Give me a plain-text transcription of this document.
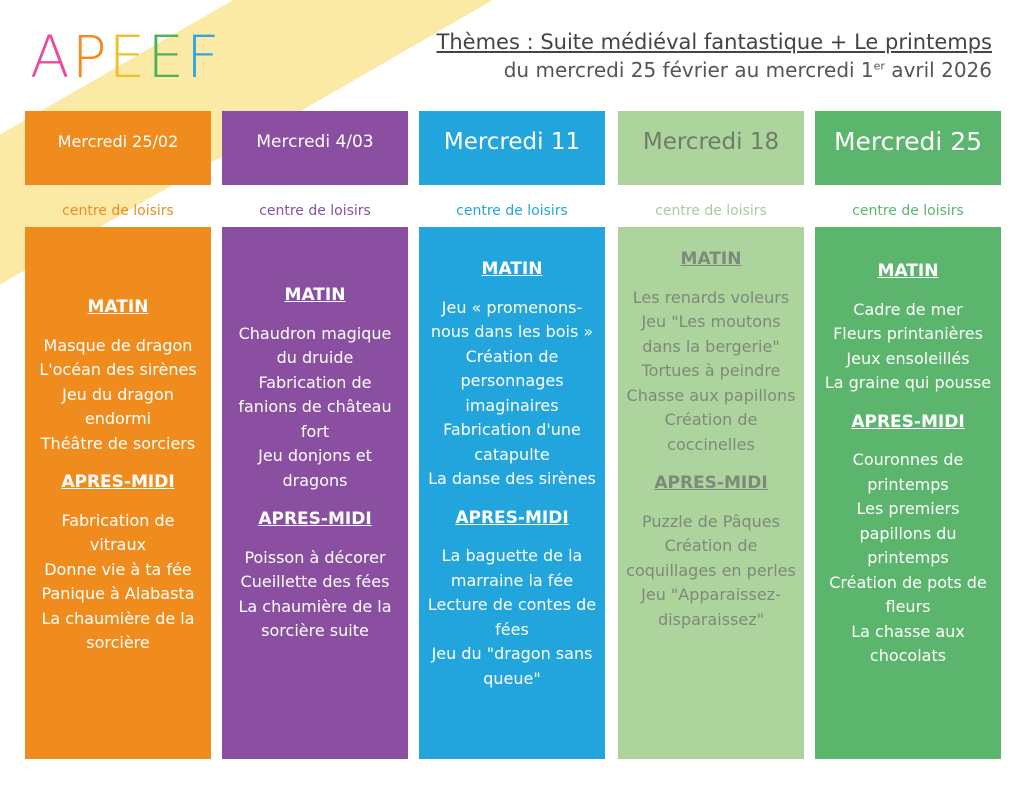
APEEF	Thèmes : Suite médiéval fantastique + Le printemps
du mercredi 25 février au mercredi 1er avril 2026
Mercredi 25/02
centre de loisirs
MATIN
Masque de dragon
L'océan des sirènes
Jeu du dragon endormi
Théâtre de sorciers
APRES-MIDI
Fabrication de vitraux
Donne vie à ta fée
Panique à Alabasta
La chaumière de la sorcière
Mercredi 4/03
centre de loisirs
MATIN
Chaudron magique du druide
Fabrication de fanions de château fort
Jeu donjons et dragons
APRES-MIDI
Poisson à décorer
Cueillette des fées
La chaumière de la sorcière suite
Mercredi 11
centre de loisirs
MATIN
Jeu « promenons-nous dans les bois »
Création de personnages imaginaires
Fabrication d'une catapulte
La danse des sirènes
APRES-MIDI
La baguette de la marraine la fée
Lecture de contes de fées
Jeu du "dragon sans queue"
Mercredi 18
centre de loisirs
MATIN
Les renards voleurs
Jeu "Les moutons dans la bergerie"
Tortues à peindre
Chasse aux papillons
Création de coccinelles
APRES-MIDI
Puzzle de Pâques
Création de coquillages en perles
Jeu "Apparaissez-disparaissez"
Mercredi 25
centre de loisirs
MATIN
Cadre de mer
Fleurs printanières
Jeux ensoleillés
La graine qui pousse
APRES-MIDI
Couronnes de printemps
Les premiers papillons du printemps
Création de pots de fleurs
La chasse aux chocolats
